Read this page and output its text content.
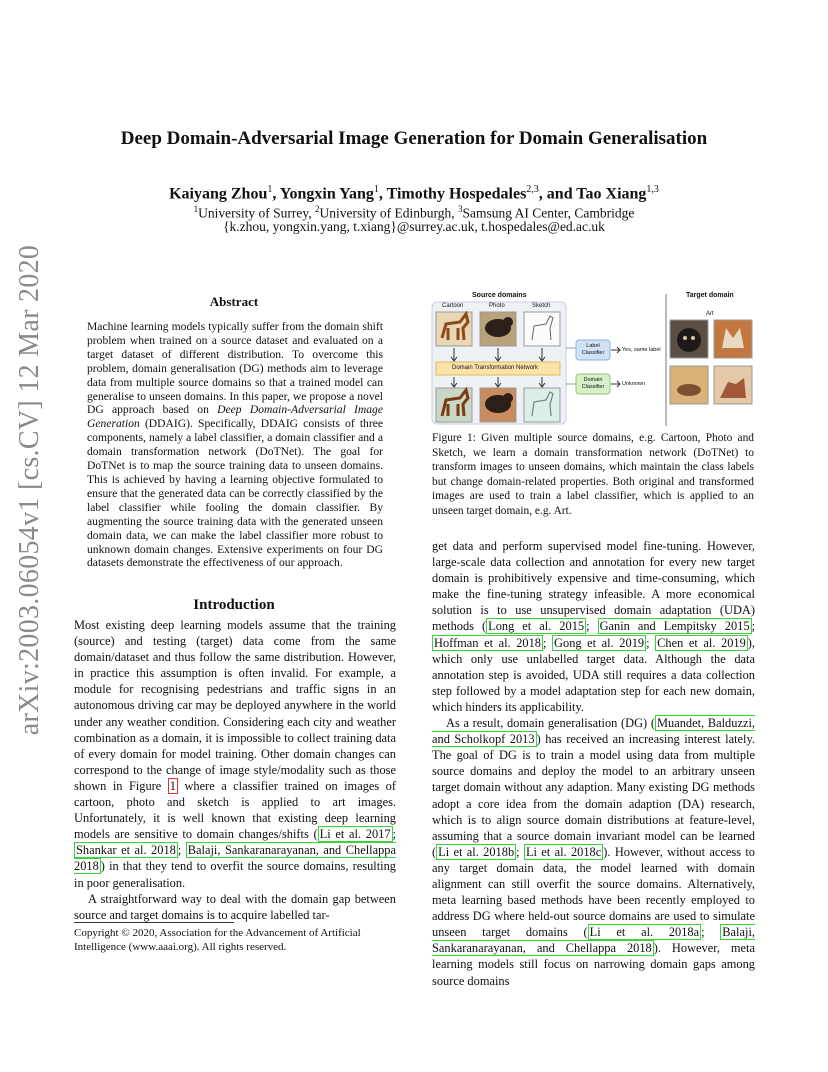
arXiv:2003.06054v1 [cs.CV] 12 Mar 2020
Deep Domain-Adversarial Image Generation for Domain Generalisation
Kaiyang Zhou$^1$, Yongxin Yang$^1$, Timothy Hospedales$^{2,3}$, and Tao Xiang$^{1,3}$
$^1$University of Surrey, $^2$University of Edinburgh, $^3$Samsung AI Center, Cambridge
{k.zhou, yongxin.yang, t.xiang}@surrey.ac.uk, t.hospedales@ed.ac.uk
Abstract
Machine learning models typically suffer from the domain shift problem when trained on a source dataset and evaluated on a target dataset of different distribution. To overcome this problem, domain generalisation (DG) methods aim to leverage data from multiple source domains so that a trained model can generalise to unseen domains. In this paper, we propose a novel DG approach based on Deep Domain-Adversarial Image Generation (DDAIG). Specifically, DDAIG consists of three components, namely a label classifier, a domain classifier and a domain transformation network (DoTNet). The goal for DoTNet is to map the source training data to unseen domains. This is achieved by having a learning objective formulated to ensure that the generated data can be correctly classified by the label classifier while fooling the domain classifier. By augmenting the source training data with the generated unseen domain data, we can make the label classifier more robust to unknown domain changes. Extensive experiments on four DG datasets demonstrate the effectiveness of our approach.
Introduction

Most existing deep learning models assume that the training (source) and testing (target) data come from the same domain/dataset and thus follow the same distribution. However, in practice this assumption is often invalid. For example, a module for recognising pedestrians and traffic signs in an autonomous driving car may be deployed anywhere in the world under any weather condition. Considering each city and weather combination as a domain, it is impossible to collect training data of every domain for model training. Other domain changes can correspond to the change of image style/modality such as those shown in Figure 1 where a classifier trained on images of cartoon, photo and sketch is applied to art images. Unfortunately, it is well known that existing deep learning models are sensitive to domain changes/shifts ( Li et al. 2017 ; Shankar et al. 2018 ; Balaji, Sankaranarayanan, and Chellappa 2018 ) in that they tend to overfit the source domains, resulting in poor generalisation.

A straightforward way to deal with the domain gap between source and target domains is to acquire labelled tar-

Copyright © 2020, Association for the Advancement of Artificial Intelligence (www.aaai.org). All rights reserved.
Source domains	Target domain
Cartoon	Photo	Sketch
Art
Domain Transformation Network
Label Classifier
Domain Classifier
Yes, same label
Unknown
Figure 1: Given multiple source domains, e.g. Cartoon, Photo and Sketch, we learn a domain transformation network (DoTNet) to transform images to unseen domains, which maintain the class labels but change domain-related properties. Both original and transformed images are used to train a label classifier, which is applied to an unseen target domain, e.g. Art.

get data and perform supervised model fine-tuning. However, large-scale data collection and annotation for every new target domain is prohibitively expensive and time-consuming, which make the fine-tuning strategy infeasible. A more economical solution is to use unsupervised domain adaptation (UDA) methods ( Long et al. 2015 ; Ganin and Lempitsky 2015 ; Hoffman et al. 2018 ; Gong et al. 2019 ; Chen et al. 2019 ), which only use unlabelled target data. Although the data annotation step is avoided, UDA still requires a data collection step followed by a model adaptation step for each new domain, which hinders its applicability.

As a result, domain generalisation (DG) ( Muandet, Balduzzi, and Scholkopf 2013 ) has received an increasing interest lately. The goal of DG is to train a model using data from multiple source domains and deploy the model to an arbitrary unseen target domain without any adaption. Many existing DG methods adopt a core idea from the domain adaption (DA) research, which is to align source domain distributions at feature-level, assuming that a source domain invariant model can be learned ( Li et al. 2018b ; Li et al. 2018c ). However, without access to any target domain data, the model learned with domain alignment can still overfit the source domains. Alternatively, meta learning based methods have been recently employed to address DG where held-out source domains are used to simulate unseen target domains ( Li et al. 2018a ; Balaji, Sankaranarayanan, and Chellappa 2018 ). However, meta learning models still focus on narrowing domain gaps among source domains
